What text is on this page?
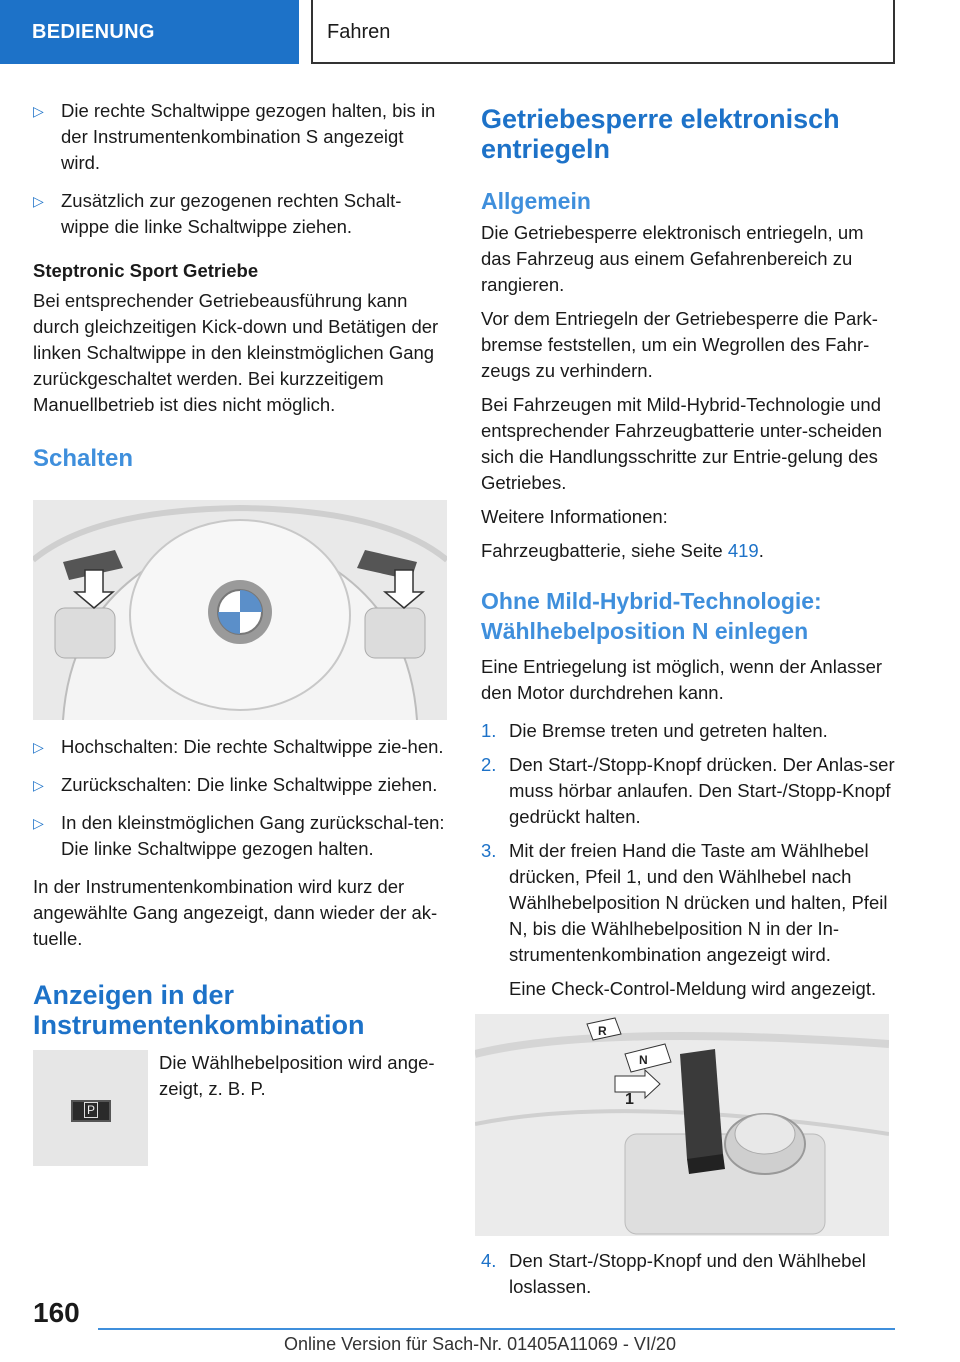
BEDIENUNG	Fahren
▷ Die rechte Schaltwippe gezogen halten, bis in der Instrumentenkombination S angezeigt wird.
▷ Zusätzlich zur gezogenen rechten Schalt-wippe die linke Schaltwippe ziehen.
Steptronic Sport Getriebe

Bei entsprechender Getriebeausführung kann durch gleichzeitigen Kick-down und Betätigen der linken Schaltwippe in den kleinstmöglichen Gang zurückgeschaltet werden. Bei kurzzeitigem Manuellbetrieb ist dies nicht möglich.

Schalten
▷ Hochschalten: Die rechte Schaltwippe zie-hen.
▷ Zurückschalten: Die linke Schaltwippe ziehen.
▷ In den kleinstmöglichen Gang zurückschal-ten: Die linke Schaltwippe gezogen halten.

In der Instrumentenkombination wird kurz der angewählte Gang angezeigt, dann wieder der ak-tuelle.

Anzeigen in der Instrumentenkombination
P
Die Wählhebelposition wird ange-zeigt, z. B. P.
Getriebesperre elektronisch entriegeln
Allgemein

Die Getriebesperre elektronisch entriegeln, um das Fahrzeug aus einem Gefahrenbereich zu rangieren.

Vor dem Entriegeln der Getriebesperre die Park-bremse feststellen, um ein Wegrollen des Fahr-zeugs zu verhindern.

Bei Fahrzeugen mit Mild-Hybrid-Technologie und entsprechender Fahrzeugbatterie unter-scheiden sich die Handlungsschritte zur Entrie-gelung des Getriebes.

Weitere Informationen:

Fahrzeugbatterie, siehe Seite 419.

Ohne Mild-Hybrid-Technologie: Wählhebelposition N einlegen

Eine Entriegelung ist möglich, wenn der Anlasser den Motor durchdrehen kann.

1. Die Bremse treten und getreten halten.
2. Den Start-/Stopp-Knopf drücken. Der Anlas-ser muss hörbar anlaufen. Den Start-/Stopp-Knopf gedrückt halten.
3. Mit der freien Hand die Taste am Wählhebel drücken, Pfeil 1, und den Wählhebel nach Wählhebelposition N drücken und halten, Pfeil N, bis die Wählhebelposition N in der In-strumentenkombination angezeigt wird.
Eine Check-Control-Meldung wird angezeigt.
R
N
1
4. Den Start-/Stopp-Knopf und den Wählhebel loslassen.
160
Online Version für Sach-Nr. 01405A11069 - VI/20
